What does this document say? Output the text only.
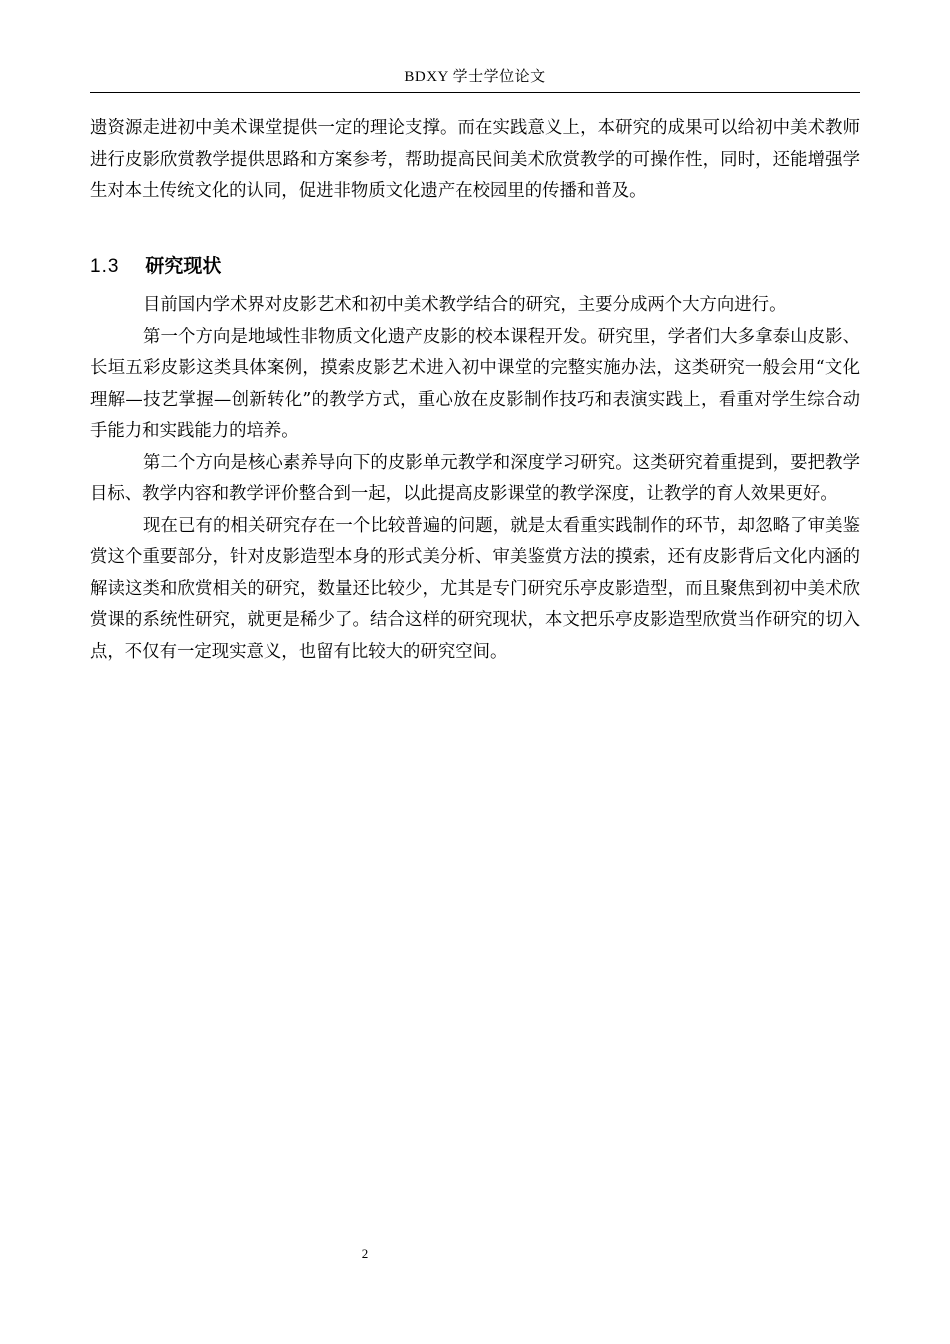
BDXY 学士学位论文

遗资源走进初中美术课堂提供一定的理论支撑。而在实践意义上，本研究的成果可以给初中美术教师进行皮影欣赏教学提供思路和方案参考，帮助提高民间美术欣赏教学的可操作性，同时，还能增强学生对本土传统文化的认同，促进非物质文化遗产在校园里的传播和普及。

1.3 研究现状

目前国内学术界对皮影艺术和初中美术教学结合的研究，主要分成两个大方向进行。

第一个方向是地域性非物质文化遗产皮影的校本课程开发。研究里，学者们大多拿泰山皮影、长垣五彩皮影这类具体案例，摸索皮影艺术进入初中课堂的完整实施办法，这类研究一般会用“文化理解—技艺掌握—创新转化”的教学方式，重心放在皮影制作技巧和表演实践上，看重对学生综合动手能力和实践能力的培养。

第二个方向是核心素养导向下的皮影单元教学和深度学习研究。这类研究着重提到，要把教学目标、教学内容和教学评价整合到一起，以此提高皮影课堂的教学深度，让教学的育人效果更好。

现在已有的相关研究存在一个比较普遍的问题，就是太看重实践制作的环节，却忽略了审美鉴赏这个重要部分，针对皮影造型本身的形式美分析、审美鉴赏方法的摸索，还有皮影背后文化内涵的解读这类和欣赏相关的研究，数量还比较少，尤其是专门研究乐亭皮影造型，而且聚焦到初中美术欣赏课的系统性研究，就更是稀少了。结合这样的研究现状，本文把乐亭皮影造型欣赏当作研究的切入点，不仅有一定现实意义，也留有比较大的研究空间。

2
